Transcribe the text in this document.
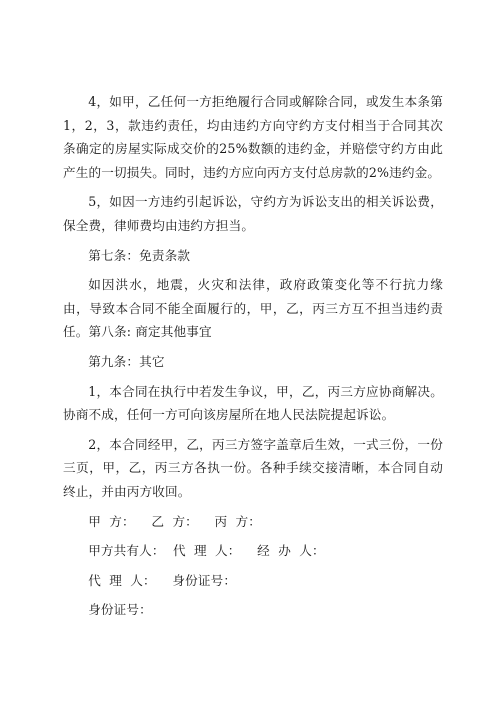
4，如甲，乙任何一方拒绝履行合同或解除合同，或发生本条第1，2，3，款违约责任，均由违约方向守约方支付相当于合同其次条确定的房屋实际成交价的25%数额的违约金，并赔偿守约方由此产生的一切损失。同时，违约方应向丙方支付总房款的2%违约金。

5，如因一方违约引起诉讼，守约方为诉讼支出的相关诉讼费，保全费，律师费均由违约方担当。

第七条：免责条款

如因洪水，地震，火灾和法律，政府政策变化等不行抗力缘由，导致本合同不能全面履行的，甲，乙，丙三方互不担当违约责任。第八条: 商定其他事宜

第九条：其它

1，本合同在执行中若发生争议，甲，乙，丙三方应协商解决。协商不成，任何一方可向该房屋所在地人民法院提起诉讼。

2，本合同经甲，乙，丙三方签字盖章后生效，一式三份，一份三页，甲，乙，丙三方各执一份。各种手续交接清晰，本合同自动终止，并由丙方收回。

甲  方：    乙  方：    丙  方：

甲方共有人：  代  理  人：    经  办  人：

代  理  人：    身份证号：

身份证号：
